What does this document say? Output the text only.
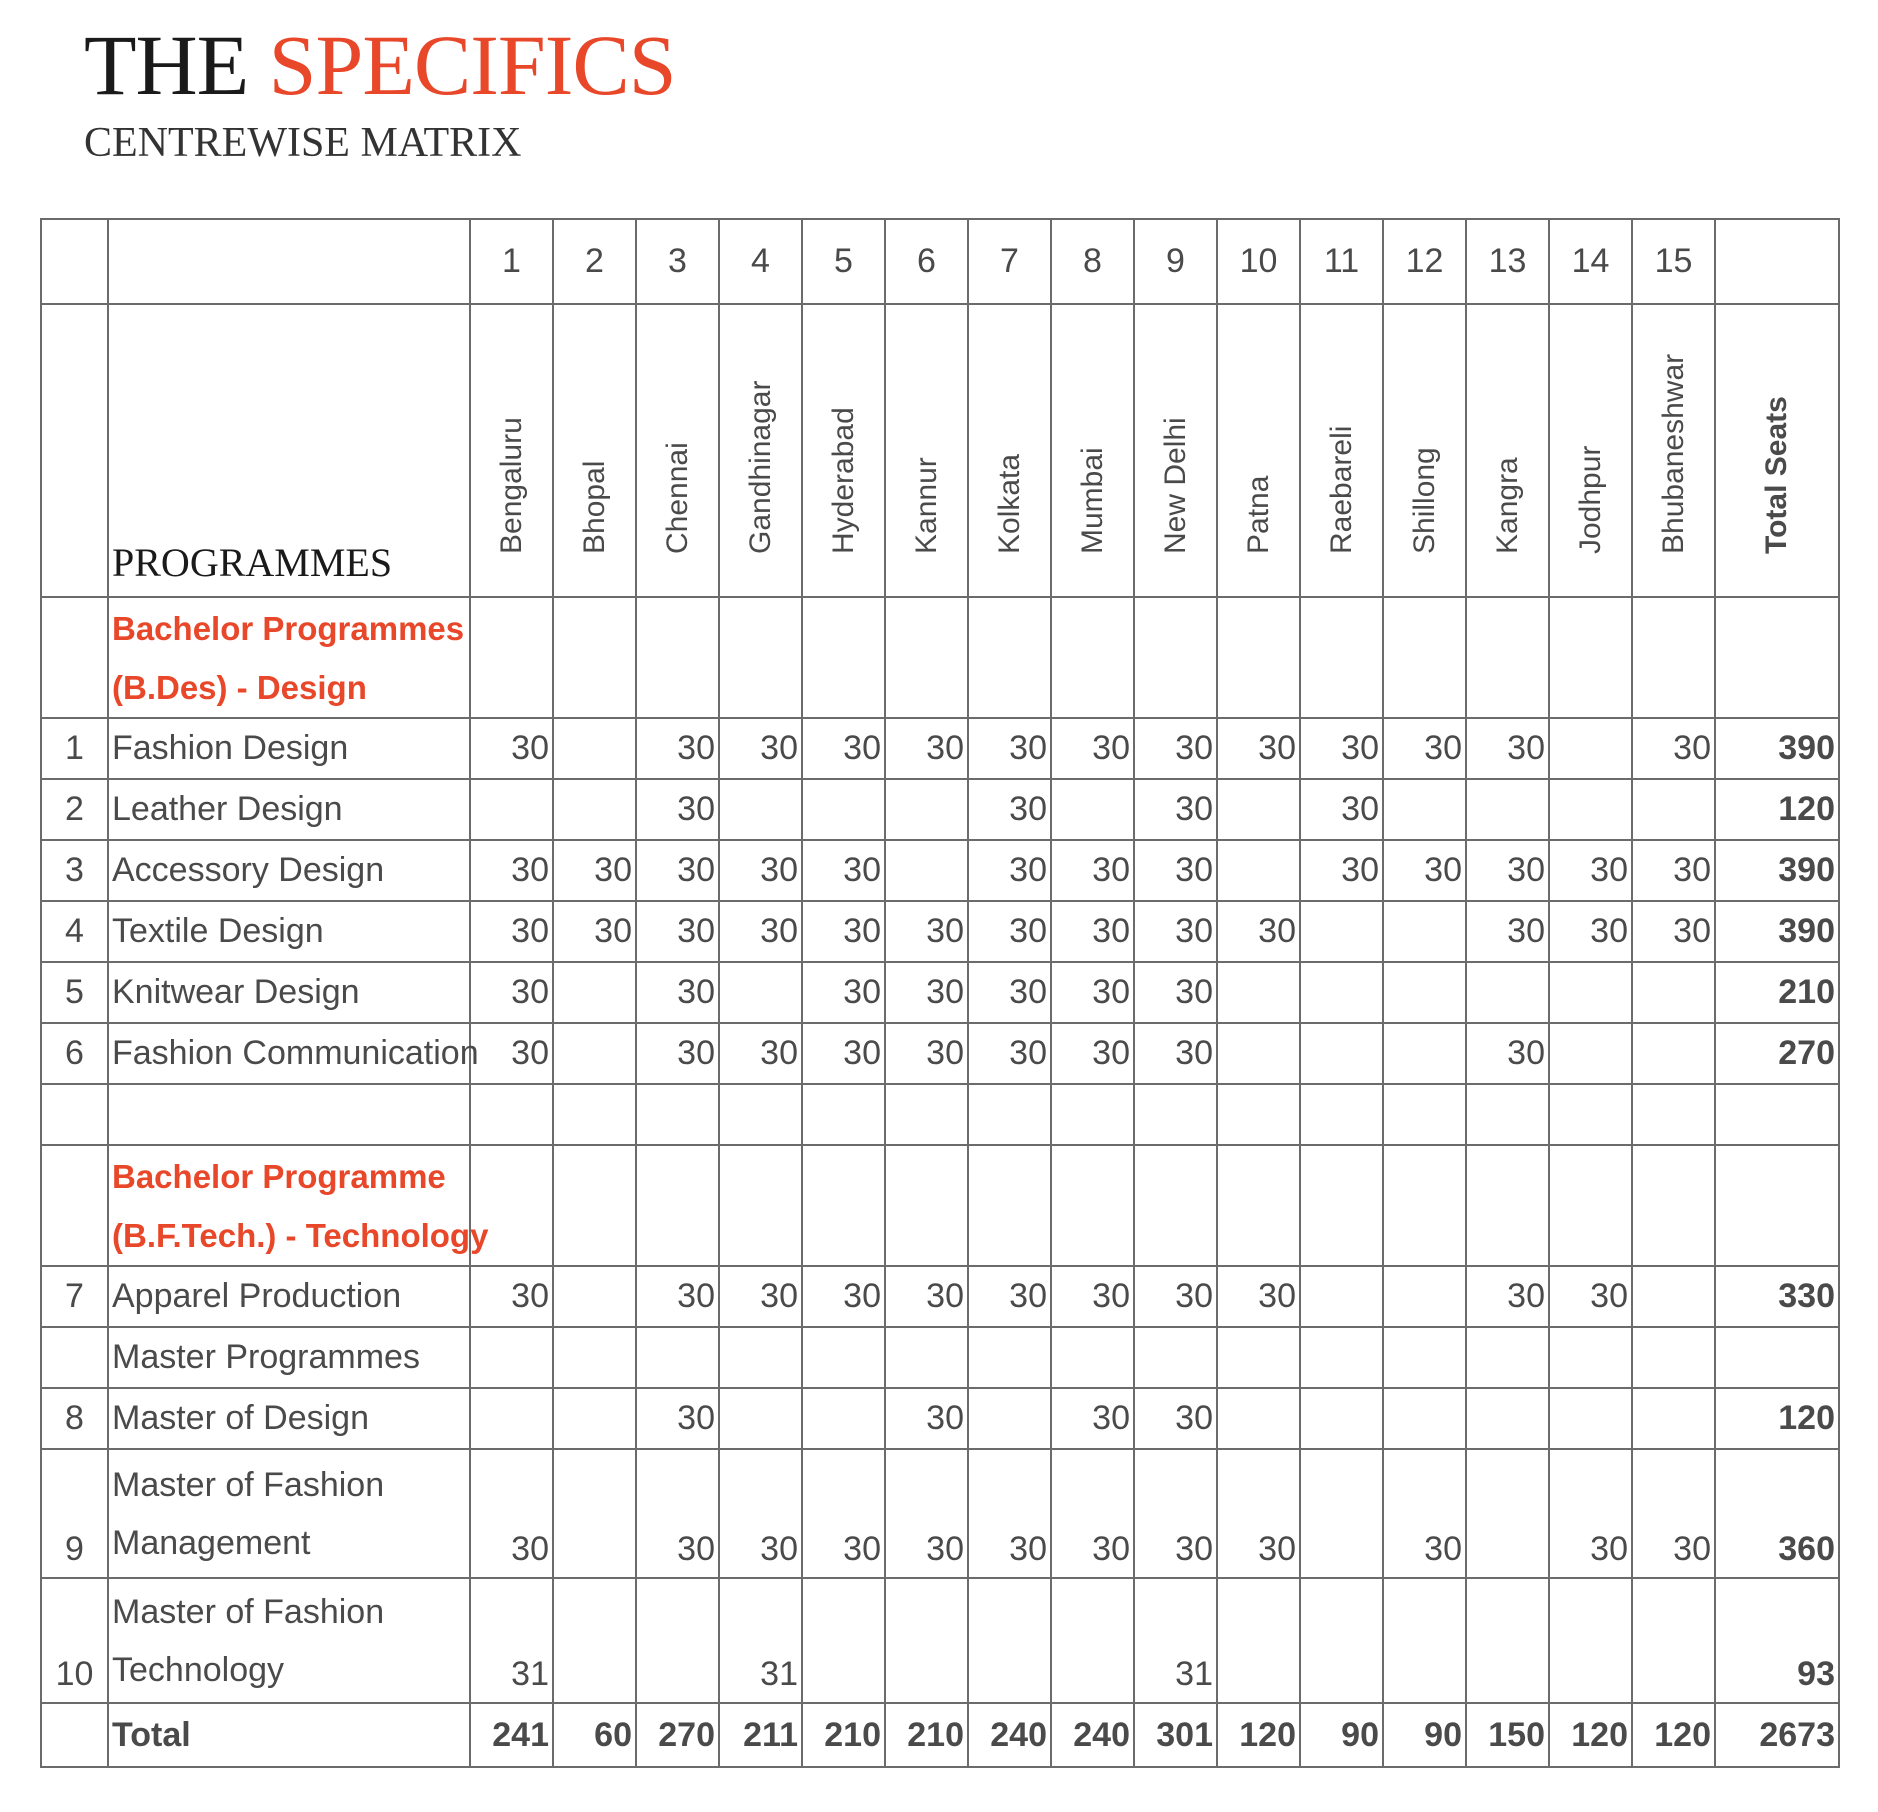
THE SPECIFICS
CENTREWISE MATRIX
		1	2	3	4	5	6	7	8	9	10	11	12	13	14	15	
	PROGRAMMES	Bengaluru	Bhopal	Chennai	Gandhinagar	Hyderabad	Kannur	Kolkata	Mumbai	New Delhi	Patna	Raebareli	Shillong	Kangra	Jodhpur	Bhubaneshwar	Total Seats

	Bachelor Programmes
(B.Des) - Design																

1	Fashion Design	30		30	30	30	30	30	30	30	30	30	30	30		30	390
2	Leather Design			30				30		30		30					120
3	Accessory Design	30	30	30	30	30		30	30	30		30	30	30	30	30	390
4	Textile Design	30	30	30	30	30	30	30	30	30	30			30	30	30	390
5	Knitwear Design	30		30		30	30	30	30	30							210
6	Fashion Communication	30		30	30	30	30	30	30	30				30			270

	Bachelor Programme
(B.F.Tech.) - Technology																

7	Apparel Production	30		30	30	30	30	30	30	30	30			30	30		330
	Master Programmes																
8	Master of Design			30			30		30	30							120
9	Master of Fashion
Management	30		30	30	30	30	30	30	30	30		30		30	30	360
10	Master of Fashion
Technology	31			31					31							93
	Total	241	60	270	211	210	210	240	240	301	120	90	90	150	120	120	2673
